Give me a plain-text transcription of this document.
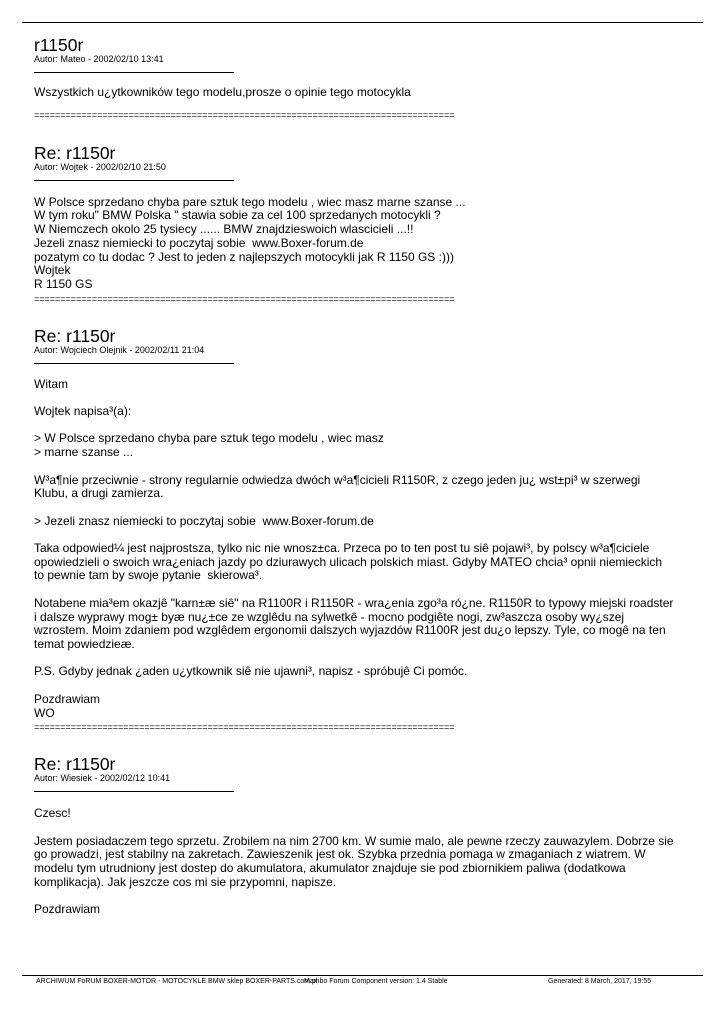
r1150r
Autor: Mateo - 2002/02/10 13:41
Wszystkich u¿ytkowników tego modelu,prosze o opinie tego motocykla
================================================================================
Re: r1150r
Autor: Wojtek - 2002/02/10 21:50
W Polsce sprzedano chyba pare sztuk tego modelu , wiec masz marne szanse ...
W tym roku" BMW Polska " stawia sobie za cel 100 sprzedanych motocykli ?
W Niemczech okolo 25 tysiecy ...... BMW znajdzieswoich wlascicieli ...!!
Jezeli znasz niemiecki to poczytaj sobie  www.Boxer-forum.de
pozatym co tu dodac ? Jest to jeden z najlepszych motocykli jak R 1150 GS :)))
Wojtek
R 1150 GS
================================================================================
Re: r1150r
Autor: Wojciech Olejnik - 2002/02/11 21:04
Witam

Wojtek napisa³(a):

> W Polsce sprzedano chyba pare sztuk tego modelu , wiec masz
> marne szanse ...

W³a¶nie przeciwnie - strony regularnie odwiedza dwóch w³a¶cicieli R1150R, z czego jeden ju¿ wst±pi³ w szerwegi
Klubu, a drugi zamierza.

> Jezeli znasz niemiecki to poczytaj sobie  www.Boxer-forum.de

Taka odpowied¼ jest najprostsza, tylko nic nie wnosz±ca. Przeca po to ten post tu siê pojawi³, by polscy w³a¶ciciele
opowiedzieli o swoich wra¿eniach jazdy po dziurawych ulicach polskich miast. Gdyby MATEO chcia³ opnii niemieckich
to pewnie tam by swoje pytanie  skierowa³.

Notabene mia³em okazjê "karn±æ siê" na R1100R i R1150R - wra¿enia zgo³a ró¿ne. R1150R to typowy miejski roadster
i dalsze wyprawy mog± byæ nu¿±ce ze wzglêdu na sylwetkê - mocno podgiête nogi, zw³aszcza osoby wy¿szej
wzrostem. Moim zdaniem pod wzglêdem ergonomii dalszych wyjazdów R1100R jest du¿o lepszy. Tyle, co mogê na ten
temat powiedzieæ.

P.S. Gdyby jednak ¿aden u¿ytkownik siê nie ujawni³, napisz - spróbujê Ci pomóc.

Pozdrawiam
WO
================================================================================
Re: r1150r
Autor: Wiesiek - 2002/02/12 10:41
Czesc!

Jestem posiadaczem tego sprzetu. Zrobilem na nim 2700 km. W sumie malo, ale pewne rzeczy zauwazylem. Dobrze sie
go prowadzi, jest stabilny na zakretach. Zawieszenik jest ok. Szybka przednia pomaga w zmaganiach z wiatrem. W
modelu tym utrudniony jest dostep do akumulatora, akumulator znajduje sie pod zbiornikiem paliwa (dodatkowa
komplikacja). Jak jeszcze cos mi sie przypomni, napisze.

Pozdrawiam
ARCHIWUM FoRUM BOXER-MOTOR - MOTOCYKLE BMW sklep BOXER-PARTS.com.pl
Mambo Forum Component version: 1.4 Stable	Generated: 8 March, 2017, 19:55
